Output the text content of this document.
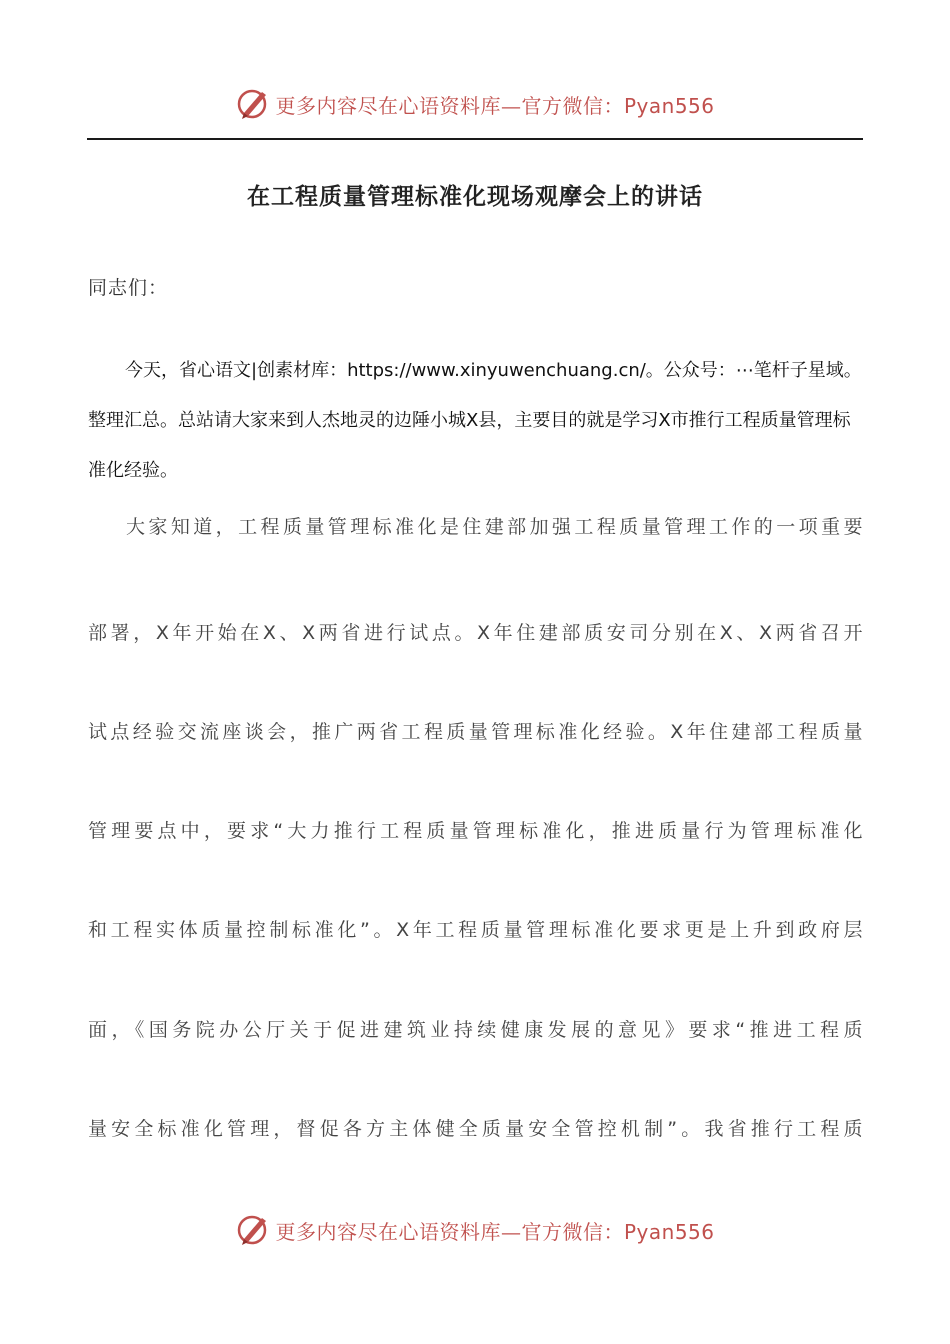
更多内容尽在心语资料库—官方微信：Pyan556
在工程质量管理标准化现场观摩会上的讲话
同志们：
今天，省心语文|创素材库：https://www.xinyuwenchuang.cn/。公众号：⋯笔杆子星域。整理汇总。总站请大家来到人杰地灵的边陲小城X县，主要目的就是学习X市推行工程质量管理标准化经验。
大家知道，工程质量管理标准化是住建部加强工程质量管理工作的一项重要
部署，X年开始在X、X两省进行试点。X年住建部质安司分别在X、X两省召开
试点经验交流座谈会，推广两省工程质量管理标准化经验。X年住建部工程质量
管理要点中，要求“大力推行工程质量管理标准化，推进质量行为管理标准化
和工程实体质量控制标准化”。X年工程质量管理标准化要求更是上升到政府层
面，《国务院办公厅关于促进建筑业持续健康发展的意见》要求“推进工程质
量安全标准化管理，督促各方主体健全质量安全管控机制”。我省推行工程质
更多内容尽在心语资料库—官方微信：Pyan556
